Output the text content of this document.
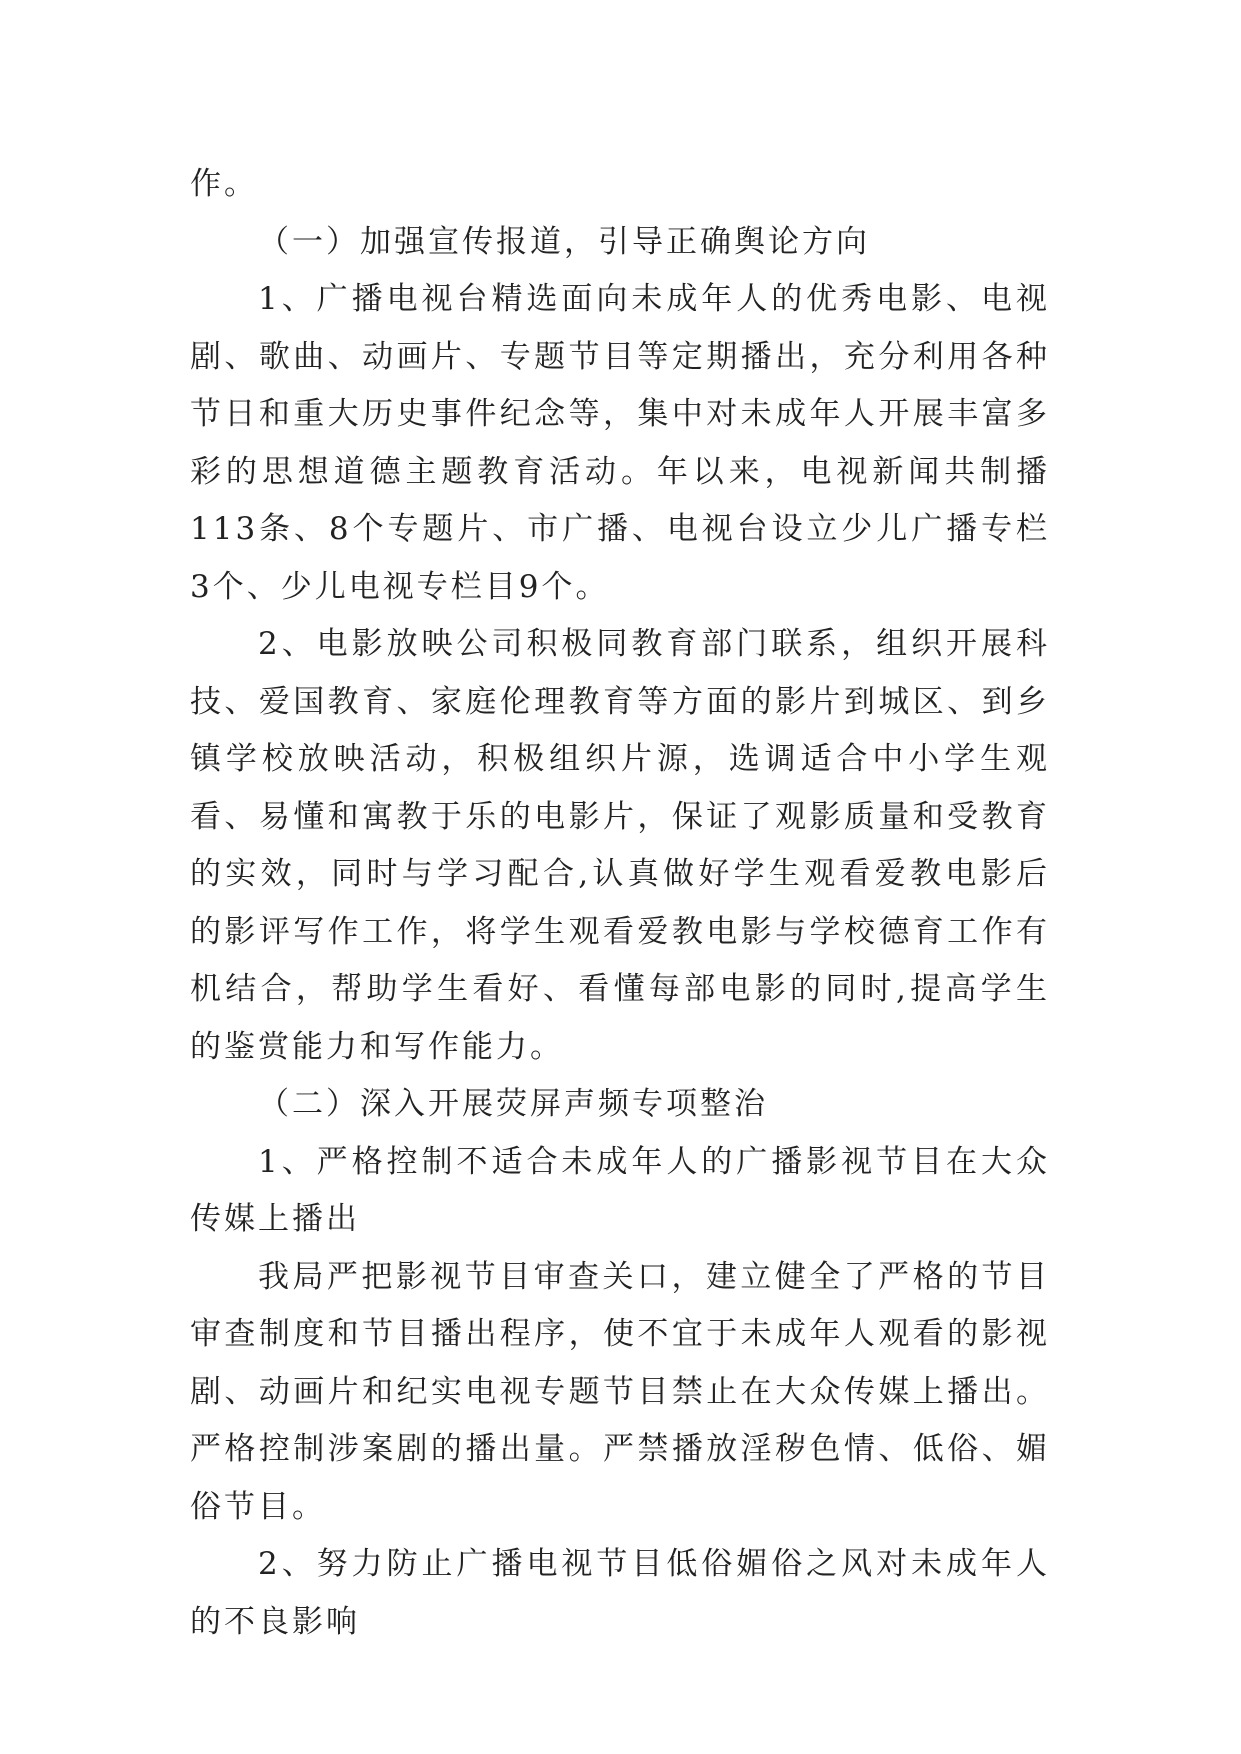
作。

（一）加强宣传报道，引导正确舆论方向

1、广播电视台精选面向未成年人的优秀电影、电视剧、歌曲、动画片、专题节目等定期播出，充分利用各种节日和重大历史事件纪念等，集中对未成年人开展丰富多彩的思想道德主题教育活动。年以来，电视新闻共制播113条、8个专题片、市广播、电视台设立少儿广播专栏3个、少儿电视专栏目9个。

2、电影放映公司积极同教育部门联系，组织开展科技、爱国教育、家庭伦理教育等方面的影片到城区、到乡镇学校放映活动，积极组织片源，选调适合中小学生观看、易懂和寓教于乐的电影片，保证了观影质量和受教育的实效，同时与学习配合,认真做好学生观看爱教电影后的影评写作工作，将学生观看爱教电影与学校德育工作有机结合，帮助学生看好、看懂每部电影的同时,提高学生的鉴赏能力和写作能力。

（二）深入开展荧屏声频专项整治

1、严格控制不适合未成年人的广播影视节目在大众传媒上播出

我局严把影视节目审查关口，建立健全了严格的节目审查制度和节目播出程序，使不宜于未成年人观看的影视剧、动画片和纪实电视专题节目禁止在大众传媒上播出。严格控制涉案剧的播出量。严禁播放淫秽色情、低俗、媚俗节目。

2、努力防止广播电视节目低俗媚俗之风对未成年人的不良影响
